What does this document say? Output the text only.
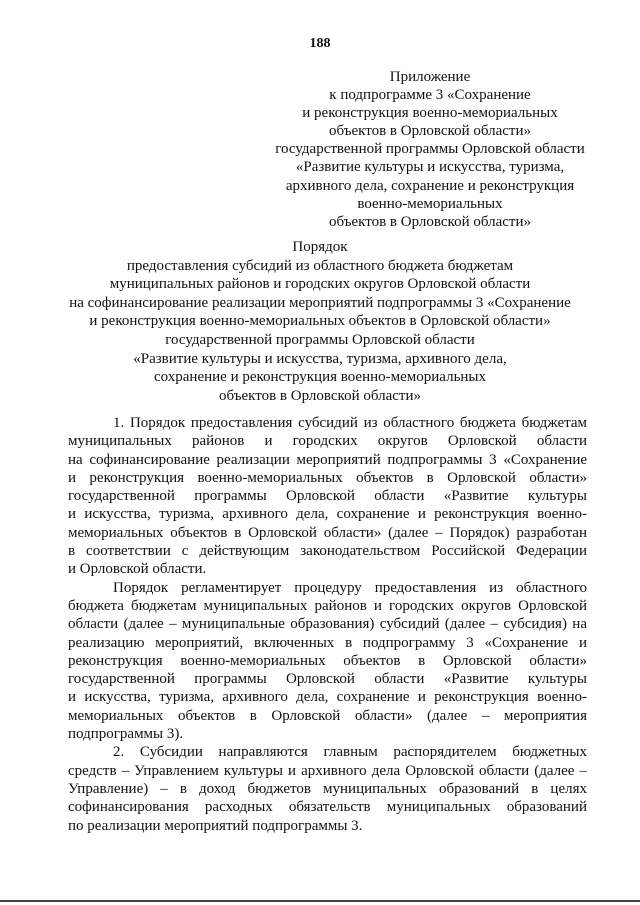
188
Приложение
к подпрограмме 3 «Сохранение
и реконструкция военно-мемориальных
объектов в Орловской области»
государственной программы Орловской области
«Развитие культуры и искусства, туризма,
архивного дела, сохранение и реконструкция
военно-мемориальных
объектов в Орловской области»
Порядок
предоставления субсидий из областного бюджета бюджетам
муниципальных районов и городских округов Орловской области
на софинансирование реализации мероприятий подпрограммы 3 «Сохранение
и реконструкция военно-мемориальных объектов в Орловской области»
государственной программы Орловской области
«Развитие культуры и искусства, туризма, архивного дела,
сохранение и реконструкция военно-мемориальных
объектов в Орловской области»
1. Порядок предоставления субсидий из областного бюджета бюджетам
муниципальных районов и городских округов Орловской области
на софинансирование реализации мероприятий подпрограммы 3 «Сохранение
и реконструкция военно-мемориальных объектов в Орловской области»
государственной программы Орловской области «Развитие культуры
и искусства, туризма, архивного дела, сохранение и реконструкция военно-
мемориальных объектов в Орловской области» (далее – Порядок) разработан
в соответствии с действующим законодательством Российской Федерации
и Орловской области.
Порядок регламентирует процедуру предоставления из областного
бюджета бюджетам муниципальных районов и городских округов Орловской
области (далее – муниципальные образования) субсидий (далее – субсидия) на
реализацию мероприятий, включенных в подпрограмму 3 «Сохранение и
реконструкция военно-мемориальных объектов в Орловской области»
государственной программы Орловской области «Развитие культуры
и искусства, туризма, архивного дела, сохранение и реконструкция военно-
мемориальных объектов в Орловской области» (далее – мероприятия
подпрограммы 3).
2. Субсидии направляются главным распорядителем бюджетных
средств – Управлением культуры и архивного дела Орловской области (далее –
Управление) – в доход бюджетов муниципальных образований в целях
софинансирования расходных обязательств муниципальных образований
по реализации мероприятий подпрограммы 3.
